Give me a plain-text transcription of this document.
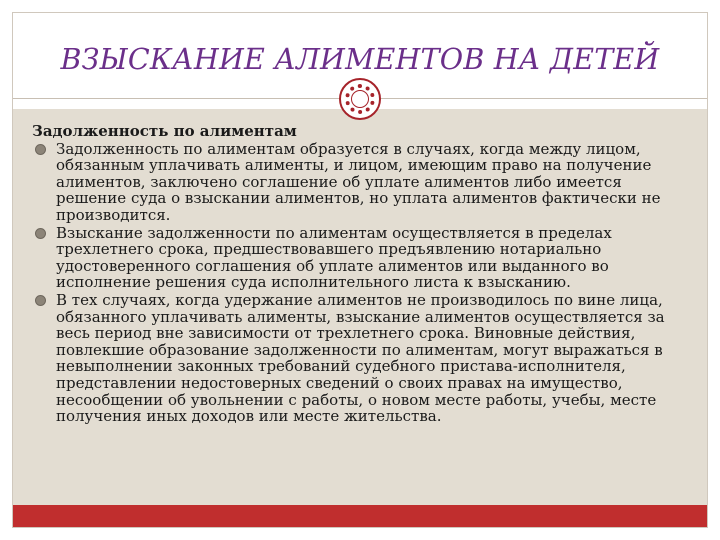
ВЗЫСКАНИЕ АЛИМЕНТОВ НА ДЕТЕЙ
Задолженность по алиментам
Задолженность по алиментам образуется в случаях, когда между лицом, обязанным уплачивать алименты, и лицом, имеющим право на получение алиментов, заключено соглашение об уплате алиментов либо имеется решение суда о взыскании алиментов, но уплата алиментов фактически не производится.
Взыскание задолженности по алиментам осуществляется в пределах трехлетнего срока, предшествовавшего предъявлению нотариально удостоверенного соглашения об уплате алиментов или выданного во исполнение решения суда исполнительного листа к взысканию.
В тех случаях, когда удержание алиментов не производилось по вине лица, обязанного уплачивать алименты, взыскание алиментов осуществляется за весь период вне зависимости от трехлетнего срока. Виновные действия, повлекшие образование задолженности по алиментам, могут выражаться в невыполнении законных требований судебного пристава-исполнителя, представлении недостоверных сведений о своих правах на имущество, несообщении об увольнении с работы, о новом месте работы, учебы, месте получения иных доходов или месте жительства.
